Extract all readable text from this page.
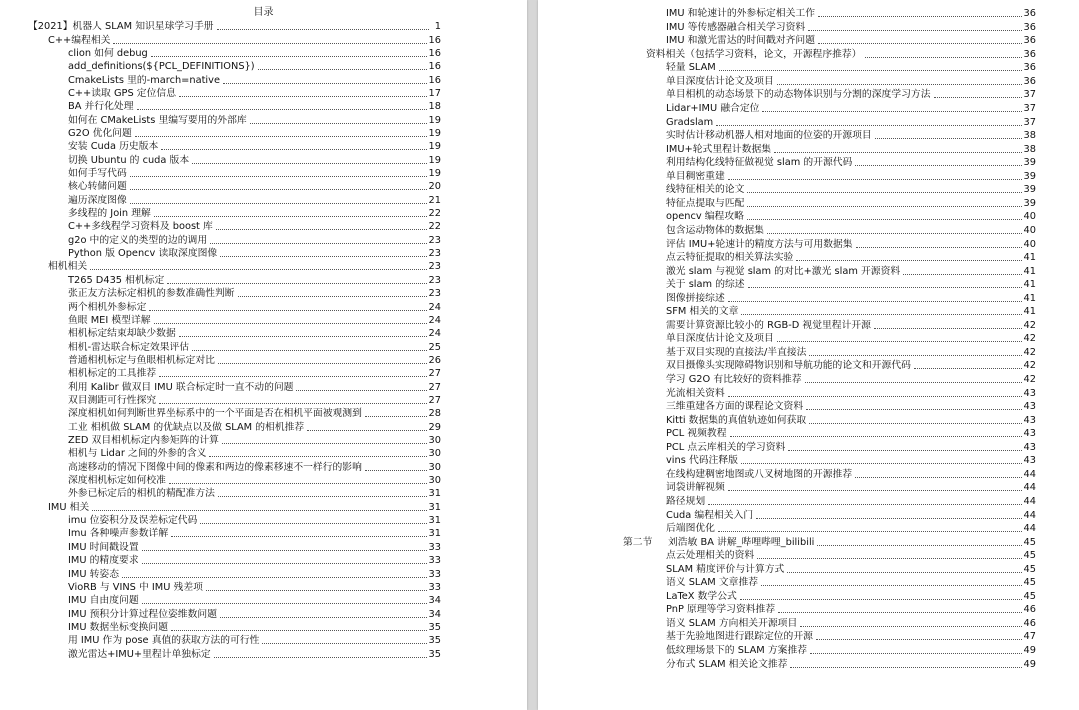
目录
【2021】机器人 SLAM 知识星球学习手册	1
C++编程相关	16
clion 如何 debug	16
add_definitions(${PCL_DEFINITIONS})	16
CmakeLists 里的-march=native	16
C++读取 GPS 定位信息	17
BA 并行化处理	18
如何在 CMakeLists 里编写要用的外部库	19
G2O 优化问题	19
安装 Cuda 历史版本	19
切换 Ubuntu 的 cuda 版本	19
如何手写代码	19
核心转储问题	20
遍历深度图像	21
多线程的 Join 理解	22
C++多线程学习资料及 boost 库	22
g2o 中的定义的类型的边的调用	23
Python 版 Opencv 读取深度图像	23
相机相关	23
T265 D435 相机标定	23
张正友方法标定相机的参数准确性判断	23
两个相机外参标定	24
鱼眼 MEI 模型详解	24
相机标定结束却缺少数据	24
相机-雷达联合标定效果评估	25
普通相机标定与鱼眼相机标定对比	26
相机标定的工具推荐	27
利用 Kalibr 做双目 IMU 联合标定时一直不动的问题	27
双目测距可行性探究	27
深度相机如何判断世界坐标系中的一个平面是否在相机平面被观测到	28
工业 相机做 SLAM 的优缺点以及做 SLAM 的相机推荐	29
ZED 双目相机标定内参矩阵的计算	30
相机与 Lidar 之间的外参的含义	30
高速移动的情况下图像中间的像素和两边的像素移速不一样行的影响	30
深度相机标定如何校准	30
外参已标定后的相机的精配准方法	31
IMU 相关	31
imu 位姿积分及误差标定代码	31
Imu 各种噪声参数详解	31
IMU 时间戳设置	33
IMU 的精度要求	33
IMU 转姿态	33
VioRB 与 VINS 中 IMU 残差项	33
IMU 自由度问题	34
IMU 预积分计算过程位姿维数问题	34
IMU 数据坐标变换问题	35
用 IMU 作为 pose 真值的获取方法的可行性	35
激光雷达+IMU+里程计单独标定	35
IMU 和轮速计的外参标定相关工作	36
IMU 等传感器融合相关学习资料	36
IMU 和激光雷达的时间戳对齐问题	36
资料相关（包括学习资料，论文，开源程序推荐）	36
轻量 SLAM	36
单目深度估计论文及项目	36
单目相机的动态场景下的动态物体识别与分割的深度学习方法	37
Lidar+IMU 融合定位	37
Gradslam	37
实时估计移动机器人相对地面的位姿的开源项目	38
IMU+轮式里程计数据集	38
利用结构化线特征做视觉 slam 的开源代码	39
单目稠密重建	39
线特征相关的论文	39
特征点提取与匹配	39
opencv 编程攻略	40
包含运动物体的数据集	40
评估 IMU+轮速计的精度方法与可用数据集	40
点云特征提取的相关算法实验	41
激光 slam 与视觉 slam 的对比+激光 slam 开源资料	41
关于 slam 的综述	41
图像拼接综述	41
SFM 相关的文章	41
需要计算资源比较小的 RGB-D 视觉里程计开源	42
单目深度估计论文及项目	42
基于双目实现的直接法/半直接法	42
双目摄像头实现障碍物识别和导航功能的论文和开源代码	42
学习 G2O 有比较好的资料推荐	42
光流相关资料	43
三维重建各方面的课程论文资料	43
Kitti 数据集的真值轨迹如何获取	43
PCL 视频教程	43
PCL 点云库相关的学习资料	43
vins 代码注释版	43
在线构建稠密地图或八叉树地图的开源推荐	44
词袋讲解视频	44
路径规划	44
Cuda 编程相关入门	44
后端图优化	44
第二节	刘浩敏 BA 讲解_哔哩哔哩_bilibili	45
点云处理相关的资料	45
SLAM 精度评价与计算方式	45
语义 SLAM 文章推荐	45
LaTeX 数学公式	45
PnP 原理等学习资料推荐	46
语义 SLAM 方向相关开源项目	46
基于先验地图进行跟踪定位的开源	47
低纹理场景下的 SLAM 方案推荐	49
分布式 SLAM 相关论文推荐	49
